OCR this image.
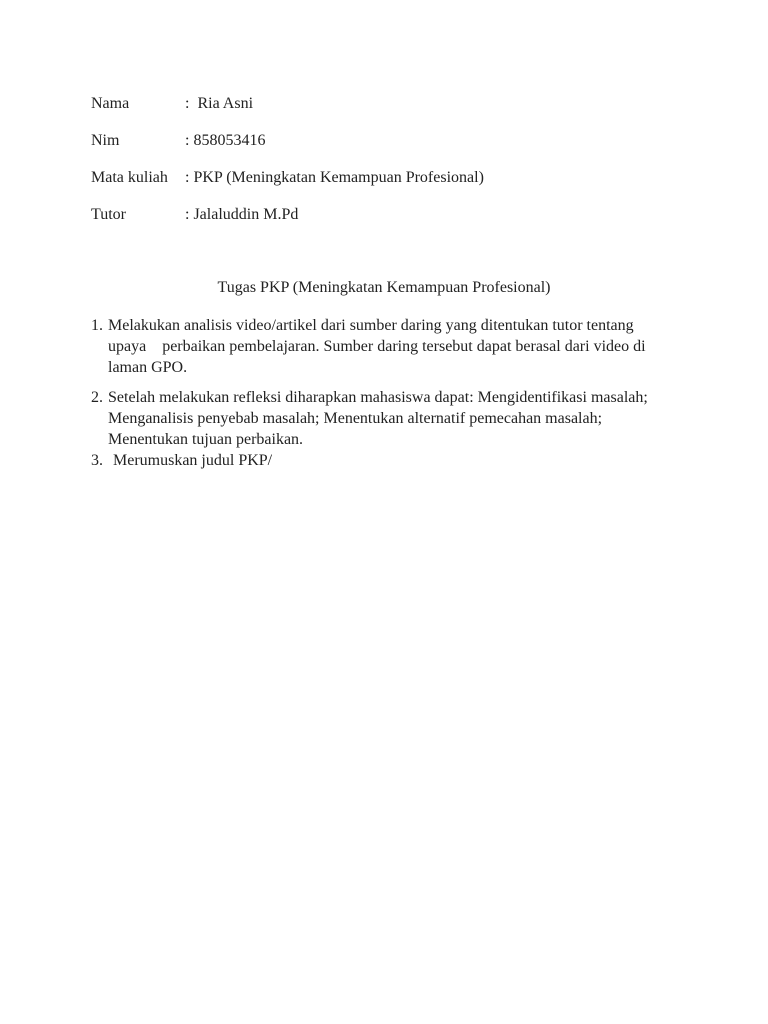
Nama	:  Ria Asni
Nim	: 858053416
Mata kuliah : PKP (Meningkatan Kemampuan Profesional)
Tutor	: Jalaluddin M.Pd
Tugas PKP (Meningkatan Kemampuan Profesional)
1. Melakukan analisis video/artikel dari sumber daring yang ditentukan tutor tentang upaya    perbaikan pembelajaran. Sumber daring tersebut dapat berasal dari video di laman GPO.
2. Setelah melakukan refleksi diharapkan mahasiswa dapat: Mengidentifikasi masalah; Menganalisis penyebab masalah; Menentukan alternatif pemecahan masalah; Menentukan tujuan perbaikan.
3. Merumuskan judul PKP/
